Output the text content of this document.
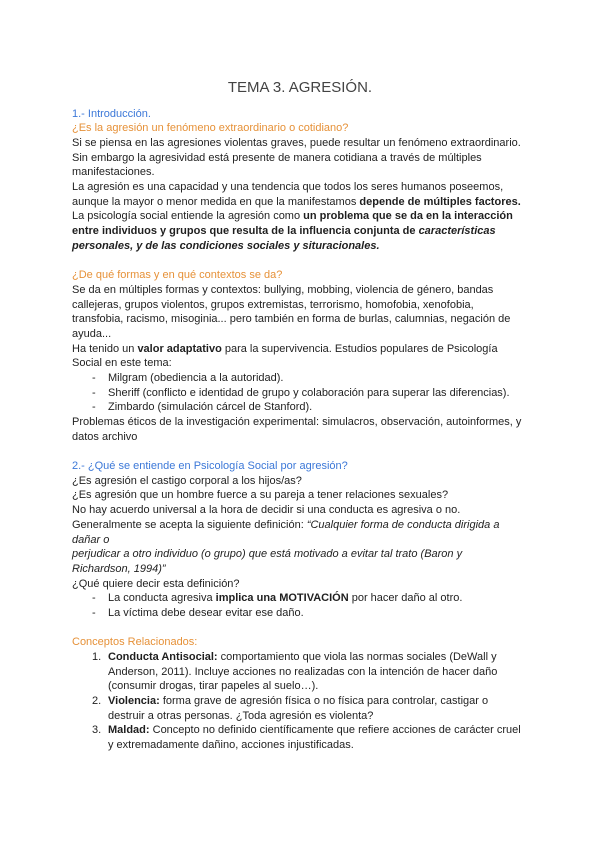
TEMA 3. AGRESIÓN.
1.- Introducción.
¿Es la agresión un fenómeno extraordinario o cotidiano?
Si se piensa en las agresiones violentas graves, puede resultar un fenómeno extraordinario.
Sin embargo la agresividad está presente de manera cotidiana a través de múltiples
manifestaciones.
La agresión es una capacidad y una tendencia que todos los seres humanos poseemos,
aunque la mayor o menor medida en que la manifestamos depende de múltiples factores.
La psicología social entiende la agresión como un problema que se da en la interacción
entre individuos y grupos que resulta de la influencia conjunta de características
personales, y de las condiciones sociales y situracionales.
¿De qué formas y en qué contextos se da?
Se da en múltiples formas y contextos: bullying, mobbing, violencia de género, bandas
callejeras, grupos violentos, grupos extremistas, terrorismo, homofobia, xenofobia,
transfobia, racismo, misoginia... pero también en forma de burlas, calumnias, negación de
ayuda...
Ha tenido un valor adaptativo para la supervivencia. Estudios populares de Psicología
Social en este tema:
- Milgram (obediencia a la autoridad).
- Sheriff (conflicto e identidad de grupo y colaboración para superar las diferencias).
- Zimbardo (simulación cárcel de Stanford).
Problemas éticos de la investigación experimental: simulacros, observación, autoinformes, y
datos archivo
2.- ¿Qué se entiende en Psicología Social por agresión?
¿Es agresión el castigo corporal a los hijos/as?
¿Es agresión que un hombre fuerce a su pareja a tener relaciones sexuales?
No hay acuerdo universal a la hora de decidir si una conducta es agresiva o no.
Generalmente se acepta la siguiente definición: “Cualquier forma de conducta dirigida a
dañar o
perjudicar a otro individuo (o grupo) que está motivado a evitar tal trato (Baron y
Richardson, 1994)”
¿Qué quiere decir esta definición?
- La conducta agresiva implica una MOTIVACIÓN por hacer daño al otro.
- La víctima debe desear evitar ese daño.
Conceptos Relacionados:
1. Conducta Antisocial: comportamiento que viola las normas sociales (DeWall y
Anderson, 2011). Incluye acciones no realizadas con la intención de hacer daño
(consumir drogas, tirar papeles al suelo…).
2. Violencia: forma grave de agresión física o no física para controlar, castigar o
destruir a otras personas. ¿Toda agresión es violenta?
3. Maldad: Concepto no definido científicamente que refiere acciones de carácter cruel
y extremadamente dañino, acciones injustificadas.
